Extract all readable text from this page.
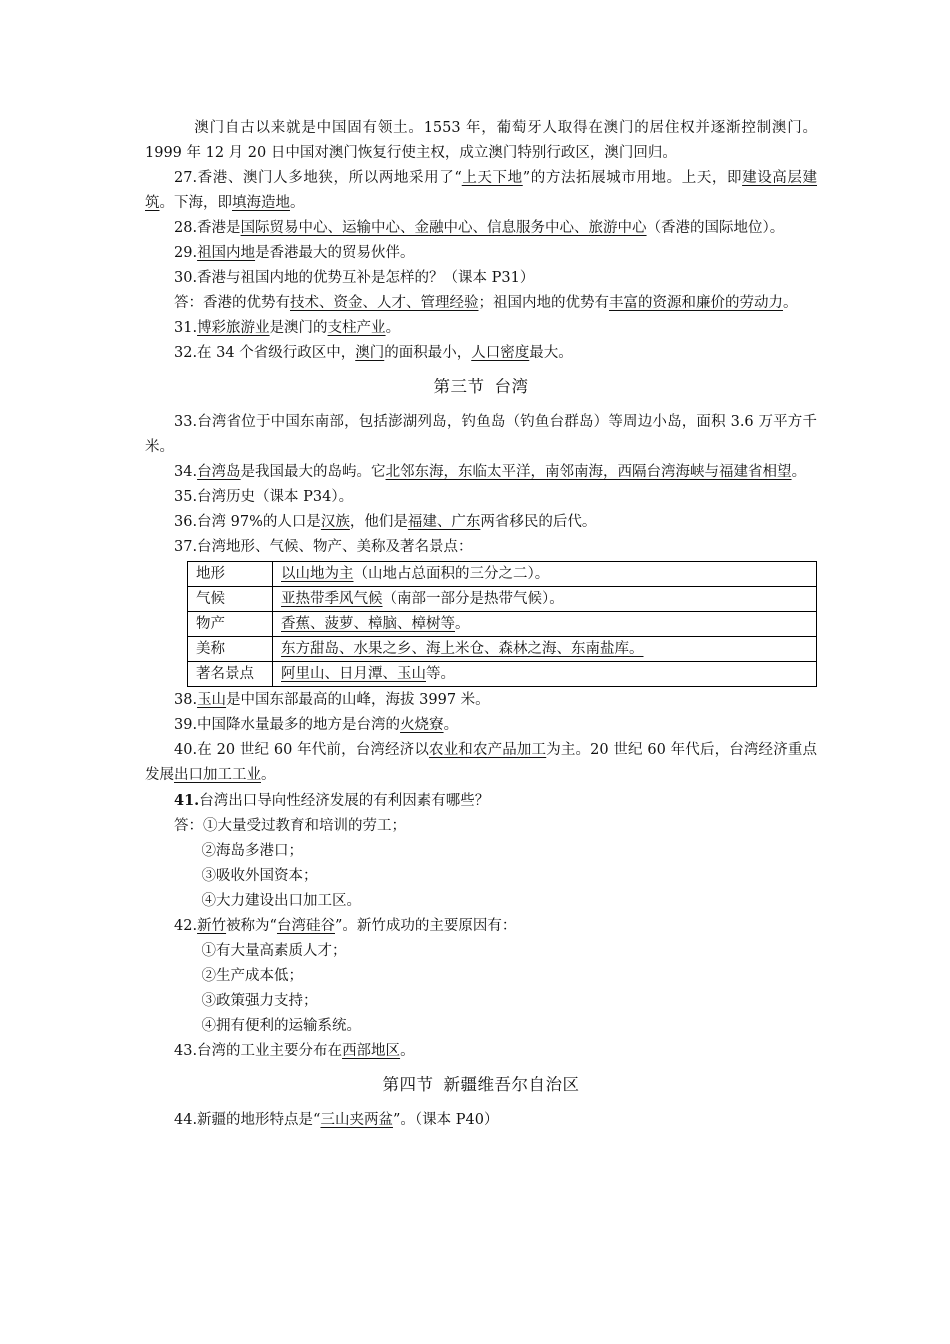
澳门自古以来就是中国固有领土。1553 年，葡萄牙人取得在澳门的居住权并逐渐控制澳门。1999 年 12 月 20 日中国对澳门恢复行使主权，成立澳门特别行政区，澳门回归。

27.香港、澳门人多地狭，所以两地采用了“上天下地”的方法拓展城市用地。上天，即建设高层建筑。下海，即填海造地。

28.香港是国际贸易中心、运输中心、金融中心、信息服务中心、旅游中心（香港的国际地位）。

29.祖国内地是香港最大的贸易伙伴。

30.香港与祖国内地的优势互补是怎样的？（课本 P31）

答：香港的优势有技术、资金、人才、管理经验；祖国内地的优势有丰富的资源和廉价的劳动力。

31.博彩旅游业是澳门的支柱产业。

32.在 34 个省级行政区中，澳门的面积最小，人口密度最大。

第三节 台湾

33.台湾省位于中国东南部，包括澎湖列岛，钓鱼岛（钓鱼台群岛）等周边小岛，面积 3.6 万平方千米。

34.台湾岛是我国最大的岛屿。它北邻东海，东临太平洋，南邻南海，西隔台湾海峡与福建省相望。

35.台湾历史（课本 P34）。

36.台湾 97%的人口是汉族，他们是福建、广东两省移民的后代。

37.台湾地形、气候、物产、美称及著名景点：

地形	以山地为主（山地占总面积的三分之二）。
气候	亚热带季风气候（南部一部分是热带气候）。
物产	香蕉、菠萝、樟脑、樟树等。
美称	东方甜岛、水果之乡、海上米仓、森林之海、东南盐库。
著名景点	阿里山、日月潭、玉山等。

38.玉山是中国东部最高的山峰，海拔 3997 米。

39.中国降水量最多的地方是台湾的火烧寮。

40.在 20 世纪 60 年代前，台湾经济以农业和农产品加工为主。20 世纪 60 年代后，台湾经济重点发展出口加工工业。

41.台湾出口导向性经济发展的有利因素有哪些？

答：①大量受过教育和培训的劳工；

②海岛多港口；

③吸收外国资本；

④大力建设出口加工区。

42.新竹被称为“台湾硅谷”。新竹成功的主要原因有：

①有大量高素质人才；

②生产成本低；

③政策强力支持；

④拥有便利的运输系统。

43.台湾的工业主要分布在西部地区。

第四节 新疆维吾尔自治区

44.新疆的地形特点是“三山夹两盆”。（课本 P40）
